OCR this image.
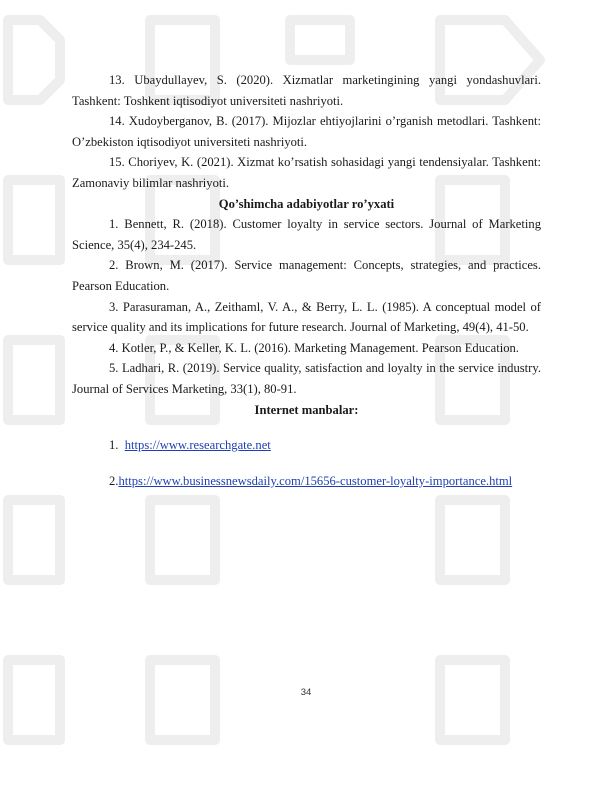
13. Ubaydullayev, S. (2020). Xizmatlar marketingining yangi yondashuvlari. Tashkent: Toshkent iqtisodiyot universiteti nashriyoti.

14. Xudoyberganov, B. (2017). Mijozlar ehtiyojlarini o’rganish metodlari. Tashkent: O’zbekiston iqtisodiyot universiteti nashriyoti.

15. Choriyev, K. (2021). Xizmat ko’rsatish sohasidagi yangi tendensiyalar. Tashkent: Zamonaviy bilimlar nashriyoti.

Qo’shimcha adabiyotlar ro’yxati

1. Bennett, R. (2018). Customer loyalty in service sectors. Journal of Marketing Science, 35(4), 234-245.

2. Brown, M. (2017). Service management: Concepts, strategies, and practices. Pearson Education.

3. Parasuraman, A., Zeithaml, V. A., & Berry, L. L. (1985). A conceptual model of service quality and its implications for future research. Journal of Marketing, 49(4), 41-50.

4. Kotler, P., & Keller, K. L. (2016). Marketing Management. Pearson Education.

5. Ladhari, R. (2019). Service quality, satisfaction and loyalty in the service industry. Journal of Services Marketing, 33(1), 80-91.

Internet manbalar:

1. https://www.researchgate.net

2.https://www.businessnewsdaily.com/15656-customer-loyalty-importance.html

34
